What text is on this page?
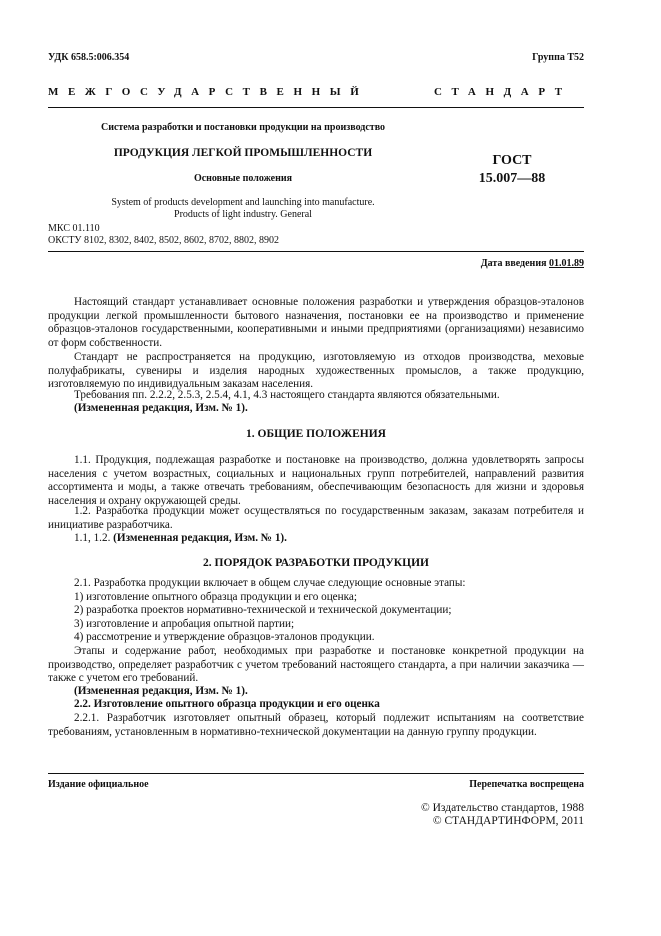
УДК 658.5:006.354	Группа Т52
МЕЖГОСУДАРСТВЕННЫЙ	СТАНДАРТ
Система разработки и постановки продукции на производство
ПРОДУКЦИЯ ЛЕГКОЙ ПРОМЫШЛЕННОСТИ
Основные положения
System of products development and launching into manufacture.
Products of light industry. General
ГОСТ
15.007—88
МКС 01.110
ОКСТУ 8102, 8302, 8402, 8502, 8602, 8702, 8802, 8902
Дата введения 01.01.89
Настоящий стандарт устанавливает основные положения разработки и утверждения образцов-эталонов продукции легкой промышленности бытового назначения, постановки ее на производство и применение образцов-эталонов государственными, кооперативными и иными предприятиями (организациями) независимо от форм собственности.
Стандарт не распространяется на продукцию, изготовляемую из отходов производства, меховые полуфабрикаты, сувениры и изделия народных художественных промыслов, а также продукцию, изготовляемую по индивидуальным заказам населения.
Требования пп. 2.2.2, 2.5.3, 2.5.4, 4.1, 4.3 настоящего стандарта являются обязательными.
(Измененная редакция, Изм. № 1).
1. ОБЩИЕ ПОЛОЖЕНИЯ
1.1. Продукция, подлежащая разработке и постановке на производство, должна удовлетворять запросы населения с учетом возрастных, социальных и национальных групп потребителей, направлений развития ассортимента и моды, а также отвечать требованиям, обеспечивающим безопасность для жизни и здоровья населения и охрану окружающей среды.
1.2. Разработка продукции может осуществляться по государственным заказам, заказам потребителя и инициативе разработчика.
1.1, 1.2. (Измененная редакция, Изм. № 1).
2. ПОРЯДОК РАЗРАБОТКИ ПРОДУКЦИИ
2.1. Разработка продукции включает в общем случае следующие основные этапы:
1) изготовление опытного образца продукции и его оценка;
2) разработка проектов нормативно-технической и технической документации;
3) изготовление и апробация опытной партии;
4) рассмотрение и утверждение образцов-эталонов продукции.
Этапы и содержание работ, необходимых при разработке и постановке конкретной продукции на производство, определяет разработчик с учетом требований настоящего стандарта, а при наличии заказчика — также с учетом его требований.
(Измененная редакция, Изм. № 1).
2.2. Изготовление опытного образца продукции и его оценка
2.2.1. Разработчик изготовляет опытный образец, который подлежит испытаниям на соответствие требованиям, установленным в нормативно-технической документации на данную группу продукции.
Издание официальное	Перепечатка воспрещена
© Издательство стандартов, 1988
© СТАНДАРТИНФОРМ, 2011
